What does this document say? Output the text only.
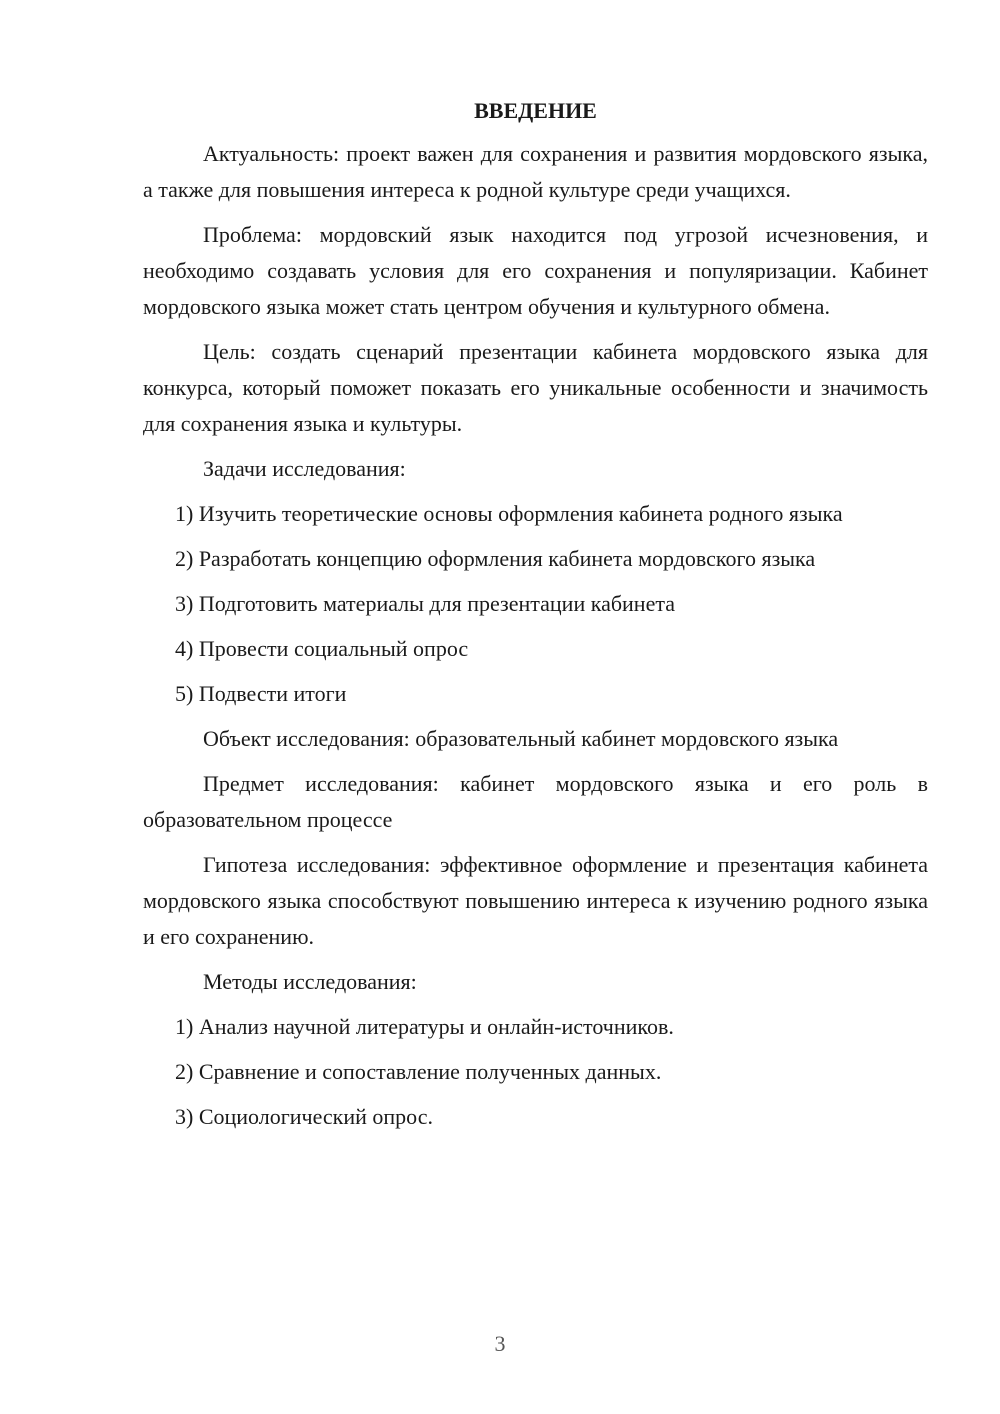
ВВЕДЕНИЕ

Актуальность: проект важен для сохранения и развития мордовского языка, а также для повышения интереса к родной культуре среди учащихся.

Проблема: мордовский язык находится под угрозой исчезновения, и необходимо создавать условия для его сохранения и популяризации. Кабинет мордовского языка может стать центром обучения и культурного обмена.

Цель: создать сценарий презентации кабинета мордовского языка для конкурса, который поможет показать его уникальные особенности и значимость для сохранения языка и культуры.

Задачи исследования:

1) Изучить теоретические основы оформления кабинета родного языка

2) Разработать концепцию оформления кабинета мордовского языка

3) Подготовить материалы для презентации кабинета

4) Провести социальный опрос

5) Подвести итоги

Объект исследования: образовательный кабинет мордовского языка

Предмет исследования: кабинет мордовского языка и его роль в образовательном процессе

Гипотеза исследования: эффективное оформление и презентация кабинета мордовского языка способствуют повышению интереса к изучению родного языка и его сохранению.

Методы исследования:

1) Анализ научной литературы и онлайн-источников.

2) Сравнение и сопоставление полученных данных.

3) Социологический опрос.

3
